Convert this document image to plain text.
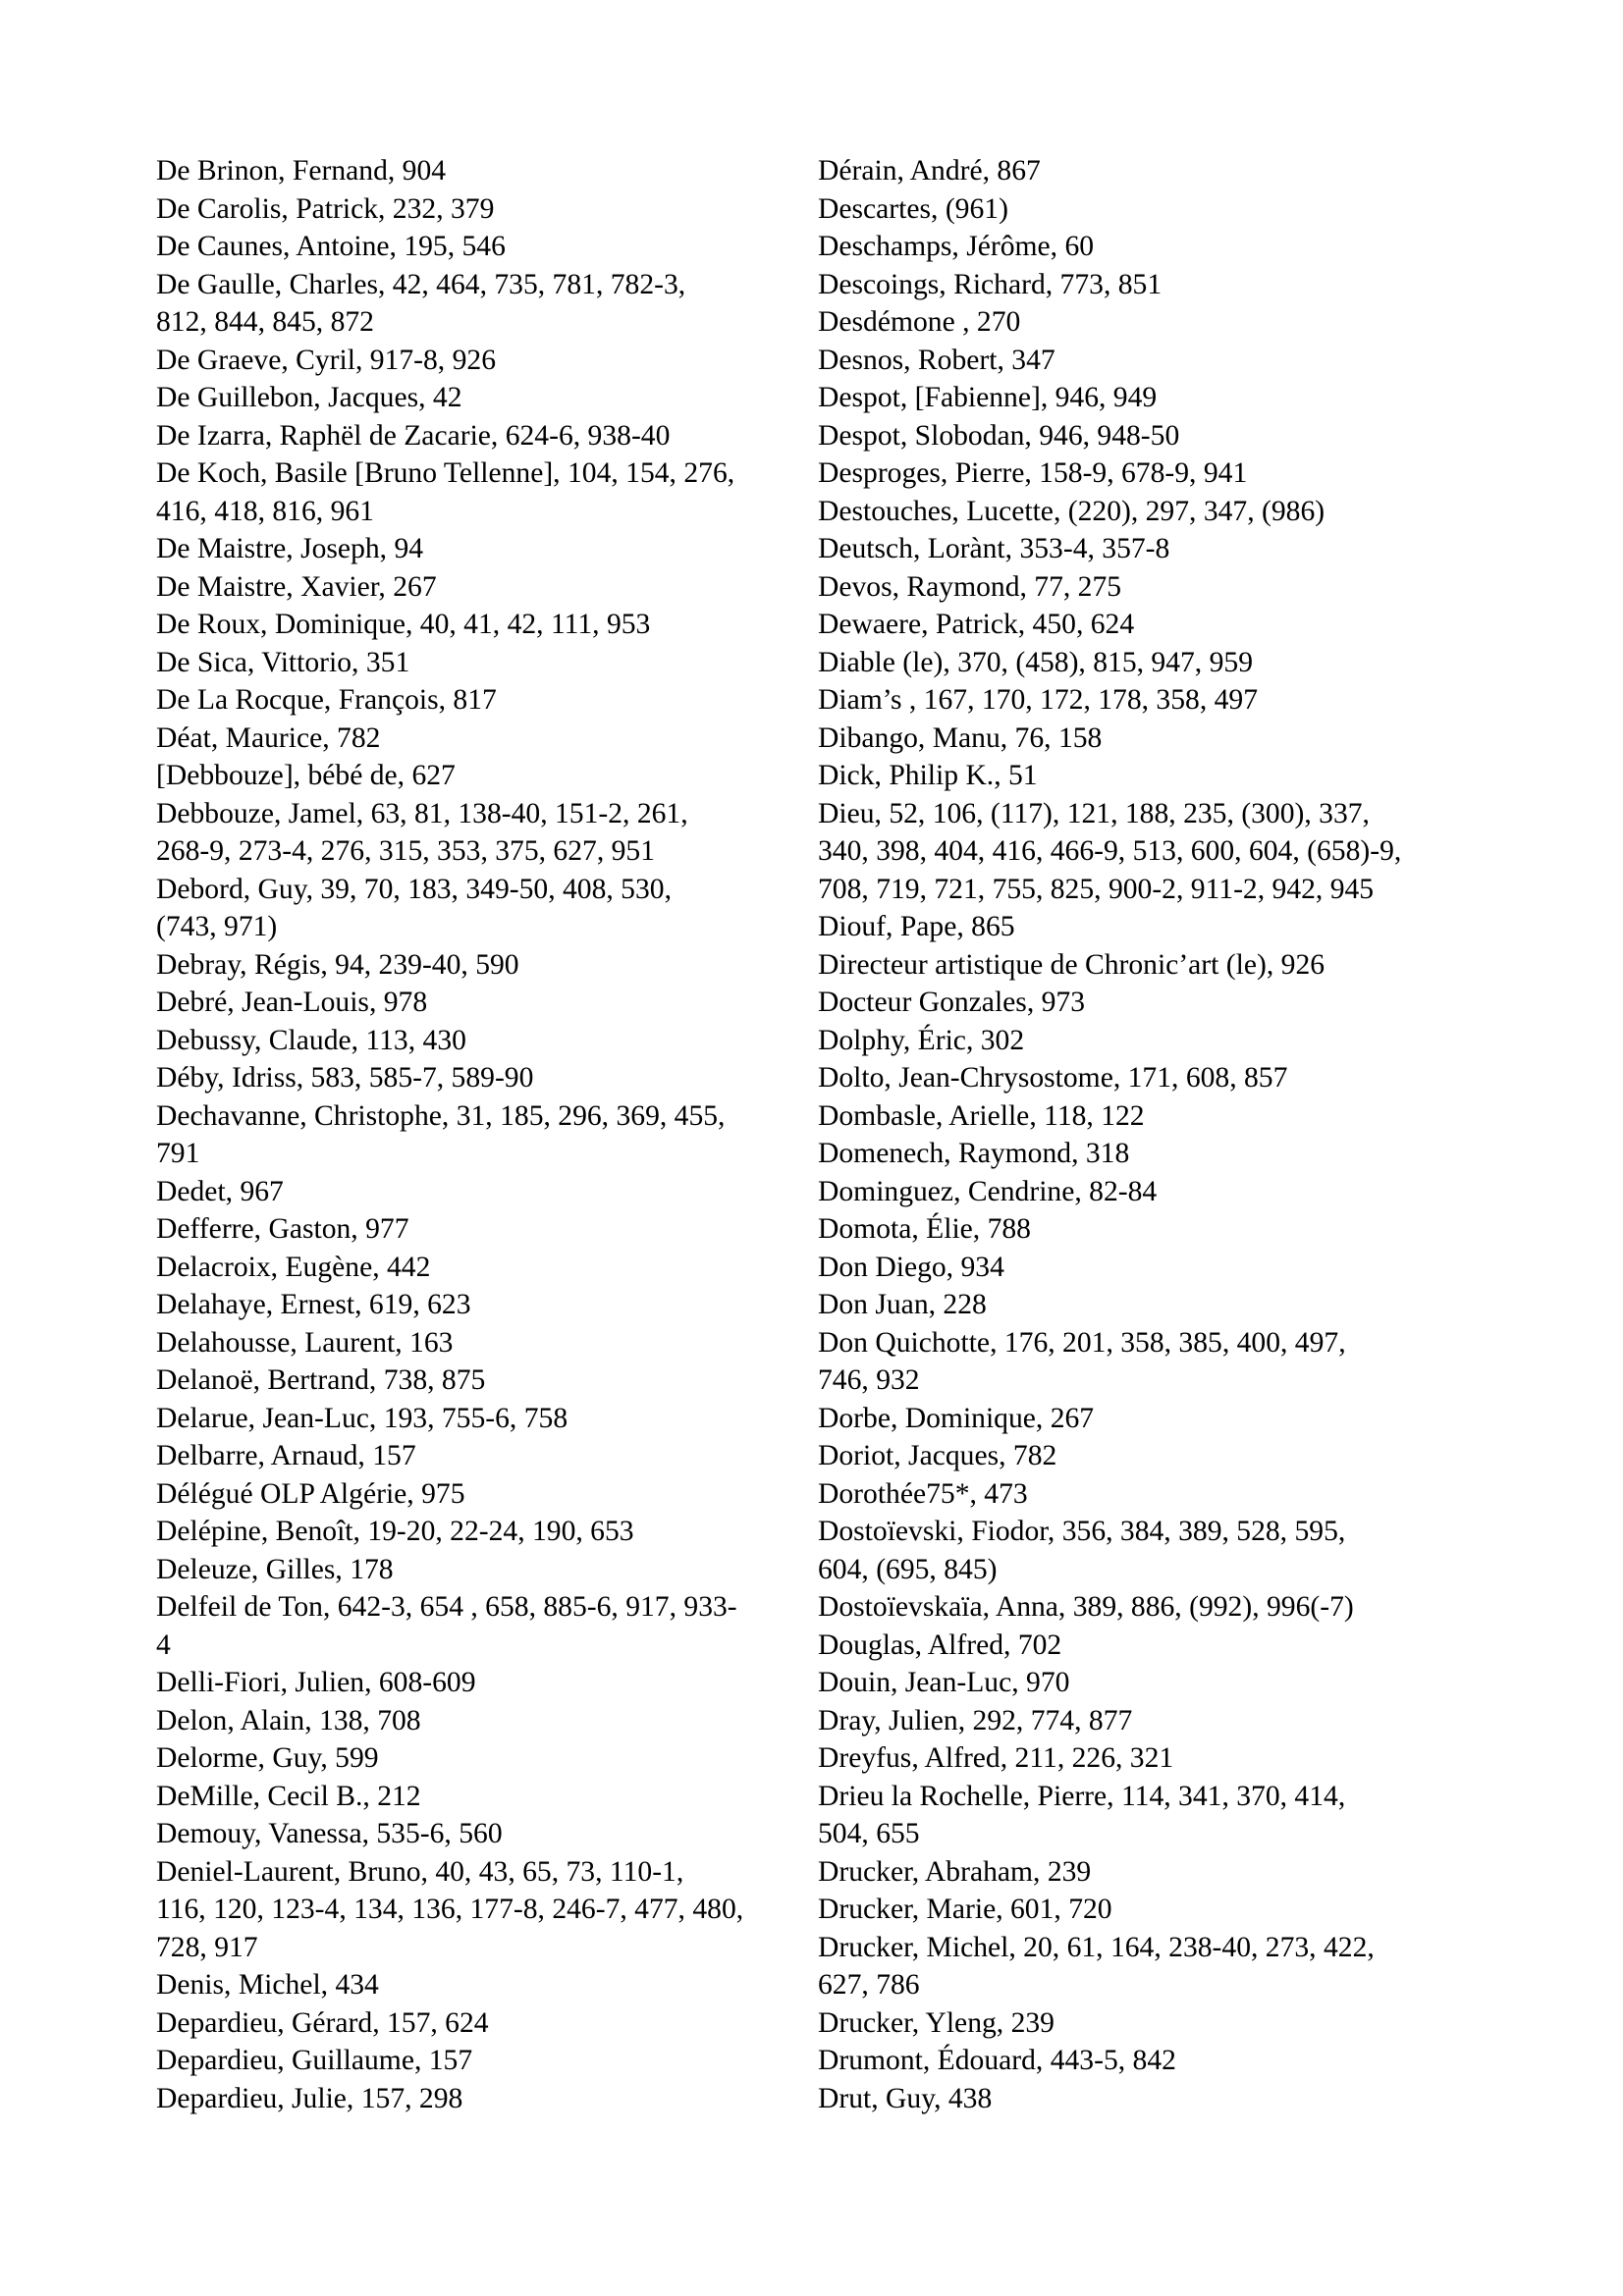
De Brinon, Fernand, 904
De Carolis, Patrick, 232, 379
De Caunes, Antoine, 195, 546
De Gaulle, Charles, 42, 464, 735, 781, 782-3,
812, 844, 845, 872
De Graeve, Cyril, 917-8, 926
De Guillebon, Jacques, 42
De Izarra, Raphël de Zacarie, 624-6, 938-40
De Koch, Basile [Bruno Tellenne], 104, 154, 276,
416, 418, 816, 961
De Maistre, Joseph, 94
De Maistre, Xavier, 267
De Roux, Dominique, 40, 41, 42, 111, 953
De Sica, Vittorio, 351
De La Rocque, François, 817
Déat, Maurice, 782
[Debbouze], bébé de, 627
Debbouze, Jamel, 63, 81, 138-40, 151-2, 261,
268-9, 273-4, 276, 315, 353, 375, 627, 951
Debord, Guy, 39, 70, 183, 349-50, 408, 530,
(743, 971)
Debray, Régis, 94, 239-40, 590
Debré, Jean-Louis, 978
Debussy, Claude, 113, 430
Déby, Idriss, 583, 585-7, 589-90
Dechavanne, Christophe, 31, 185, 296, 369, 455,
791
Dedet, 967
Defferre, Gaston, 977
Delacroix, Eugène, 442
Delahaye, Ernest, 619, 623
Delahousse, Laurent, 163
Delanoë, Bertrand, 738, 875
Delarue, Jean-Luc, 193, 755-6, 758
Delbarre, Arnaud, 157
Délégué OLP Algérie, 975
Delépine, Benoît, 19-20, 22-24, 190, 653
Deleuze, Gilles, 178
Delfeil de Ton, 642-3, 654 , 658, 885-6, 917, 933-
4
Delli-Fiori, Julien, 608-609
Delon, Alain, 138, 708
Delorme, Guy, 599
DeMille, Cecil B., 212
Demouy, Vanessa, 535-6, 560
Deniel-Laurent, Bruno, 40, 43, 65, 73, 110-1,
116, 120, 123-4, 134, 136, 177-8, 246-7, 477, 480,
728, 917
Denis, Michel, 434
Depardieu, Gérard, 157, 624
Depardieu, Guillaume, 157
Depardieu, Julie, 157, 298
Dérain, André, 867
Descartes, (961)
Deschamps, Jérôme, 60
Descoings, Richard, 773, 851
Desdémone , 270
Desnos, Robert, 347
Despot, [Fabienne], 946, 949
Despot, Slobodan, 946, 948-50
Desproges, Pierre, 158-9, 678-9, 941
Destouches, Lucette, (220), 297, 347, (986)
Deutsch, Lorànt, 353-4, 357-8
Devos, Raymond, 77, 275
Dewaere, Patrick, 450, 624
Diable (le), 370, (458), 815, 947, 959
Diam’s , 167, 170, 172, 178, 358, 497
Dibango, Manu, 76, 158
Dick, Philip K., 51
Dieu, 52, 106, (117), 121, 188, 235, (300), 337,
340, 398, 404, 416, 466-9, 513, 600, 604, (658)-9,
708, 719, 721, 755, 825, 900-2, 911-2, 942, 945
Diouf, Pape, 865
Directeur artistique de Chronic’art (le), 926
Docteur Gonzales, 973
Dolphy, Éric, 302
Dolto, Jean-Chrysostome, 171, 608, 857
Dombasle, Arielle, 118, 122
Domenech, Raymond, 318
Dominguez, Cendrine, 82-84
Domota, Élie, 788
Don Diego, 934
Don Juan, 228
Don Quichotte, 176, 201, 358, 385, 400, 497,
746, 932
Dorbe, Dominique, 267
Doriot, Jacques, 782
Dorothée75*, 473
Dostoïevski, Fiodor, 356, 384, 389, 528, 595,
604, (695, 845)
Dostoïevskaïa, Anna, 389, 886, (992), 996(-7)
Douglas, Alfred, 702
Douin, Jean-Luc, 970
Dray, Julien, 292, 774, 877
Dreyfus, Alfred, 211, 226, 321
Drieu la Rochelle, Pierre, 114, 341, 370, 414,
504, 655
Drucker, Abraham, 239
Drucker, Marie, 601, 720
Drucker, Michel, 20, 61, 164, 238-40, 273, 422,
627, 786
Drucker, Yleng, 239
Drumont, Édouard, 443-5, 842
Drut, Guy, 438
